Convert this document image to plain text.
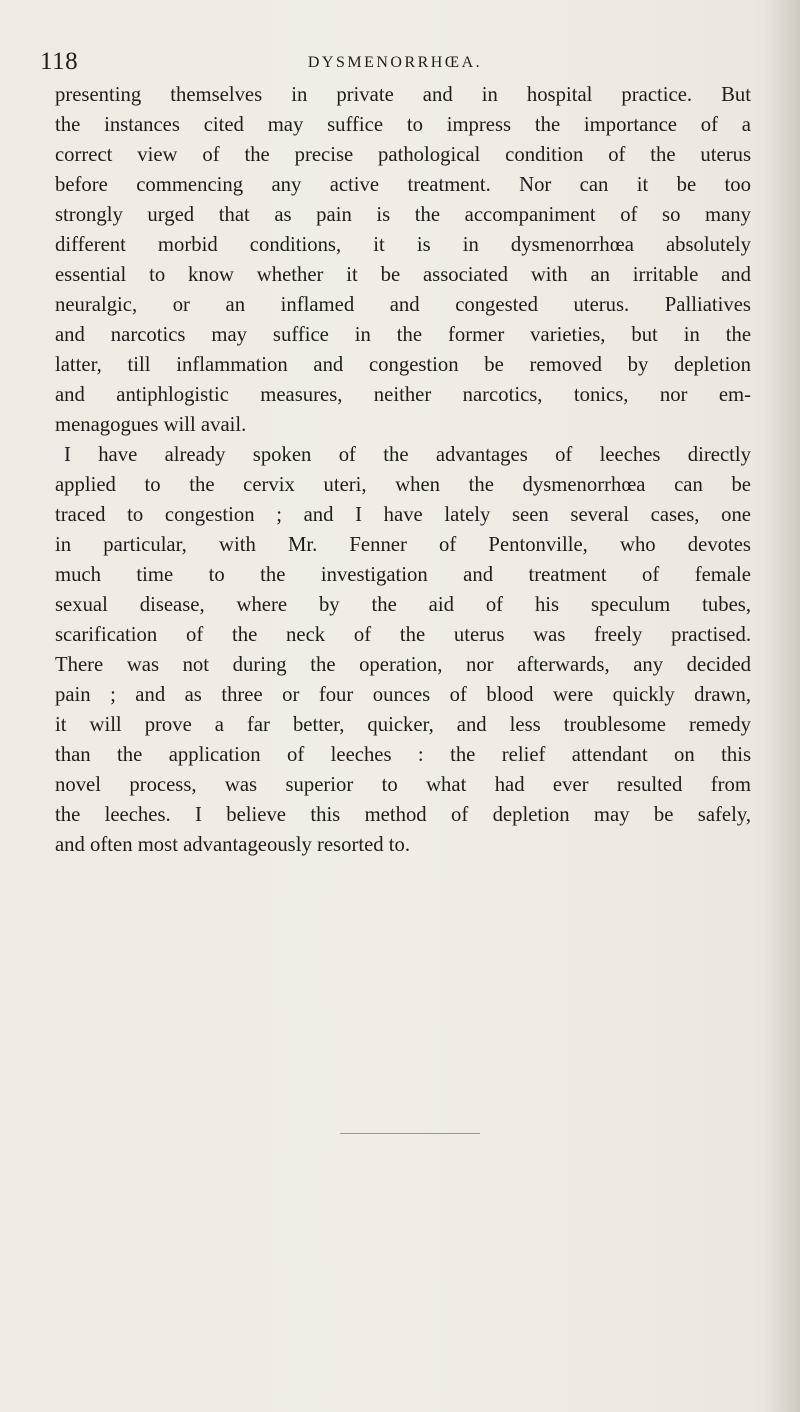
118	DYSMENORRHŒA.
presenting themselves in private and in hospital practice. But
the instances cited may suffice to impress the importance of a
correct view of the precise pathological condition of the uterus
before commencing any active treatment. Nor can it be too
strongly urged that as pain is the accompaniment of so many
different morbid conditions, it is in dysmenorrhœa absolutely
essential to know whether it be associated with an irritable and
neuralgic, or an inflamed and congested uterus. Palliatives
and narcotics may suffice in the former varieties, but in the
latter, till inflammation and congestion be removed by depletion
and antiphlogistic measures, neither narcotics, tonics, nor em-
menagogues will avail.
I have already spoken of the advantages of leeches directly
applied to the cervix uteri, when the dysmenorrhœa can be
traced to congestion ; and I have lately seen several cases, one
in particular, with Mr. Fenner of Pentonville, who devotes
much time to the investigation and treatment of female
sexual disease, where by the aid of his speculum tubes,
scarification of the neck of the uterus was freely practised.
There was not during the operation, nor afterwards, any decided
pain ; and as three or four ounces of blood were quickly drawn,
it will prove a far better, quicker, and less troublesome remedy
than the application of leeches : the relief attendant on this
novel process, was superior to what had ever resulted from
the leeches. I believe this method of depletion may be safely,
and often most advantageously resorted to.
